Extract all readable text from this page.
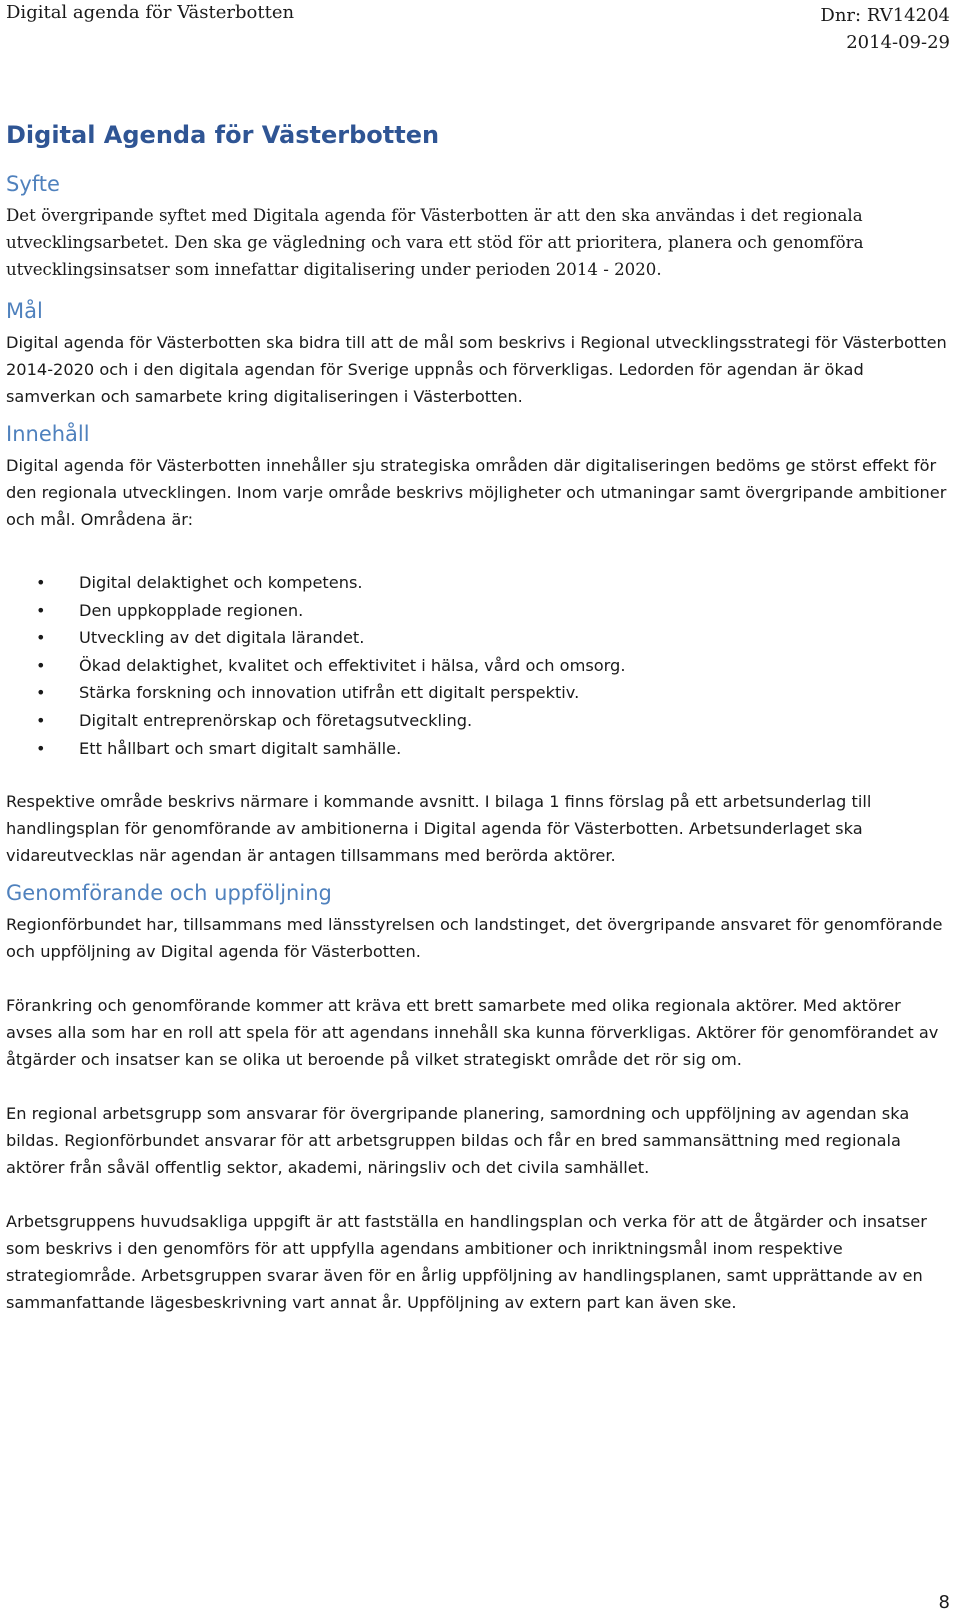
Digital agenda för Västerbotten	Dnr: RV14204
2014-09-29
Digital Agenda för Västerbotten
Syfte

Det övergripande syftet med Digitala agenda för Västerbotten är att den ska användas i det regionala utvecklingsarbetet. Den ska ge vägledning och vara ett stöd för att prioritera, planera och genomföra utvecklingsinsatser som innefattar digitalisering under perioden 2014 - 2020.

Mål

Digital agenda för Västerbotten ska bidra till att de mål som beskrivs i Regional utvecklingsstrategi för Västerbotten 2014-2020 och i den digitala agendan för Sverige uppnås och förverkligas. Ledorden för agendan är ökad samverkan och samarbete kring digitaliseringen i Västerbotten.

Innehåll

Digital agenda för Västerbotten innehåller sju strategiska områden där digitaliseringen bedöms ge störst effekt för den regionala utvecklingen. Inom varje område beskrivs möjligheter och utmaningar samt övergripande ambitioner och mål. Områdena är:

• Digital delaktighet och kompetens.
• Den uppkopplade regionen.
• Utveckling av det digitala lärandet.
• Ökad delaktighet, kvalitet och effektivitet i hälsa, vård och omsorg.
• Stärka forskning och innovation utifrån ett digitalt perspektiv.
• Digitalt entreprenörskap och företagsutveckling.
• Ett hållbart och smart digitalt samhälle.

Respektive område beskrivs närmare i kommande avsnitt. I bilaga 1 finns förslag på ett arbetsunderlag till handlingsplan för genomförande av ambitionerna i Digital agenda för Västerbotten. Arbetsunderlaget ska vidareutvecklas när agendan är antagen tillsammans med berörda aktörer.

Genomförande och uppföljning

Regionförbundet har, tillsammans med länsstyrelsen och landstinget, det övergripande ansvaret för genomförande och uppföljning av Digital agenda för Västerbotten.

Förankring och genomförande kommer att kräva ett brett samarbete med olika regionala aktörer. Med aktörer avses alla som har en roll att spela för att agendans innehåll ska kunna förverkligas. Aktörer för genomförandet av åtgärder och insatser kan se olika ut beroende på vilket strategiskt område det rör sig om.

En regional arbetsgrupp som ansvarar för övergripande planering, samordning och uppföljning av agendan ska bildas. Regionförbundet ansvarar för att arbetsgruppen bildas och får en bred sammansättning med regionala aktörer från såväl offentlig sektor, akademi, näringsliv och det civila samhället.

Arbetsgruppens huvudsakliga uppgift är att fastställa en handlingsplan och verka för att de åtgärder och insatser som beskrivs i den genomförs för att uppfylla agendans ambitioner och inriktningsmål inom respektive strategiområde. Arbetsgruppen svarar även för en årlig uppföljning av handlingsplanen, samt upprättande av en sammanfattande lägesbeskrivning vart annat år. Uppföljning av extern part kan även ske.

8
